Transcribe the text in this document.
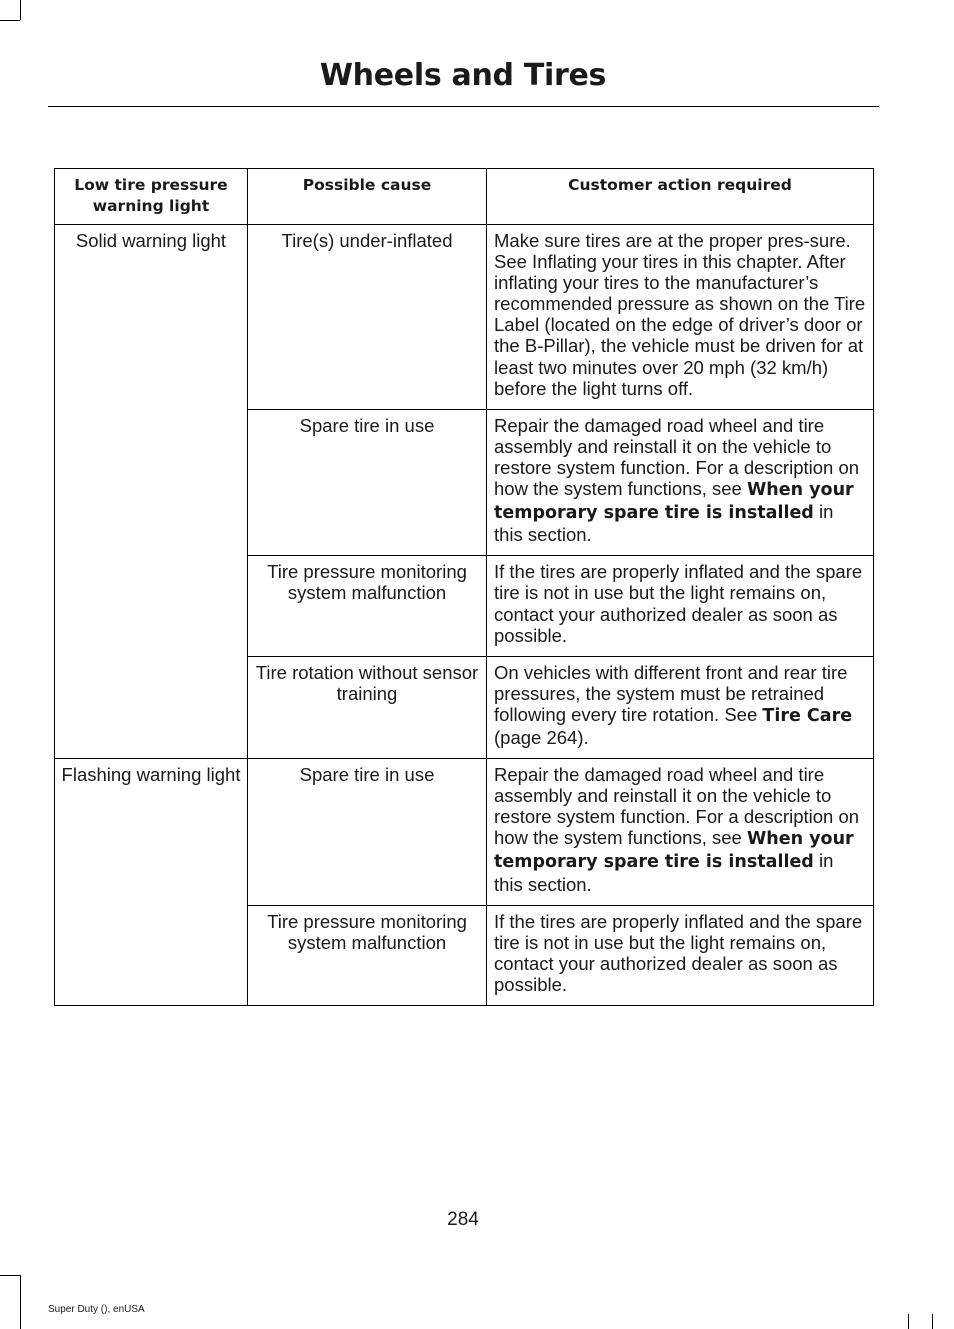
Wheels and Tires
Low tire pressure warning light	Possible cause	Customer action required
Solid warning light	Tire(s) under-inflated	Make sure tires are at the proper pres-sure. See Inflating your tires in this chapter. After inflating your tires to the manufacturer’s recommended pressure as shown on the Tire Label (located on the edge of driver’s door or the B-Pillar), the vehicle must be driven for at least two minutes over 20 mph (32 km/h) before the light turns off.
	Spare tire in use	Repair the damaged road wheel and tire assembly and reinstall it on the vehicle to restore system function. For a description on how the system functions, see When your temporary spare tire is installed in this section.
	Tire pressure monitoring system malfunction	If the tires are properly inflated and the spare tire is not in use but the light remains on, contact your authorized dealer as soon as possible.
	Tire rotation without sensor training	On vehicles with different front and rear tire pressures, the system must be retrained following every tire rotation. See Tire Care (page 264).
Flashing warning light	Spare tire in use	Repair the damaged road wheel and tire assembly and reinstall it on the vehicle to restore system function. For a description on how the system functions, see When your temporary spare tire is installed in this section.
	Tire pressure monitoring system malfunction	If the tires are properly inflated and the spare tire is not in use but the light remains on, contact your authorized dealer as soon as possible.
284
Super Duty (), enUSA
